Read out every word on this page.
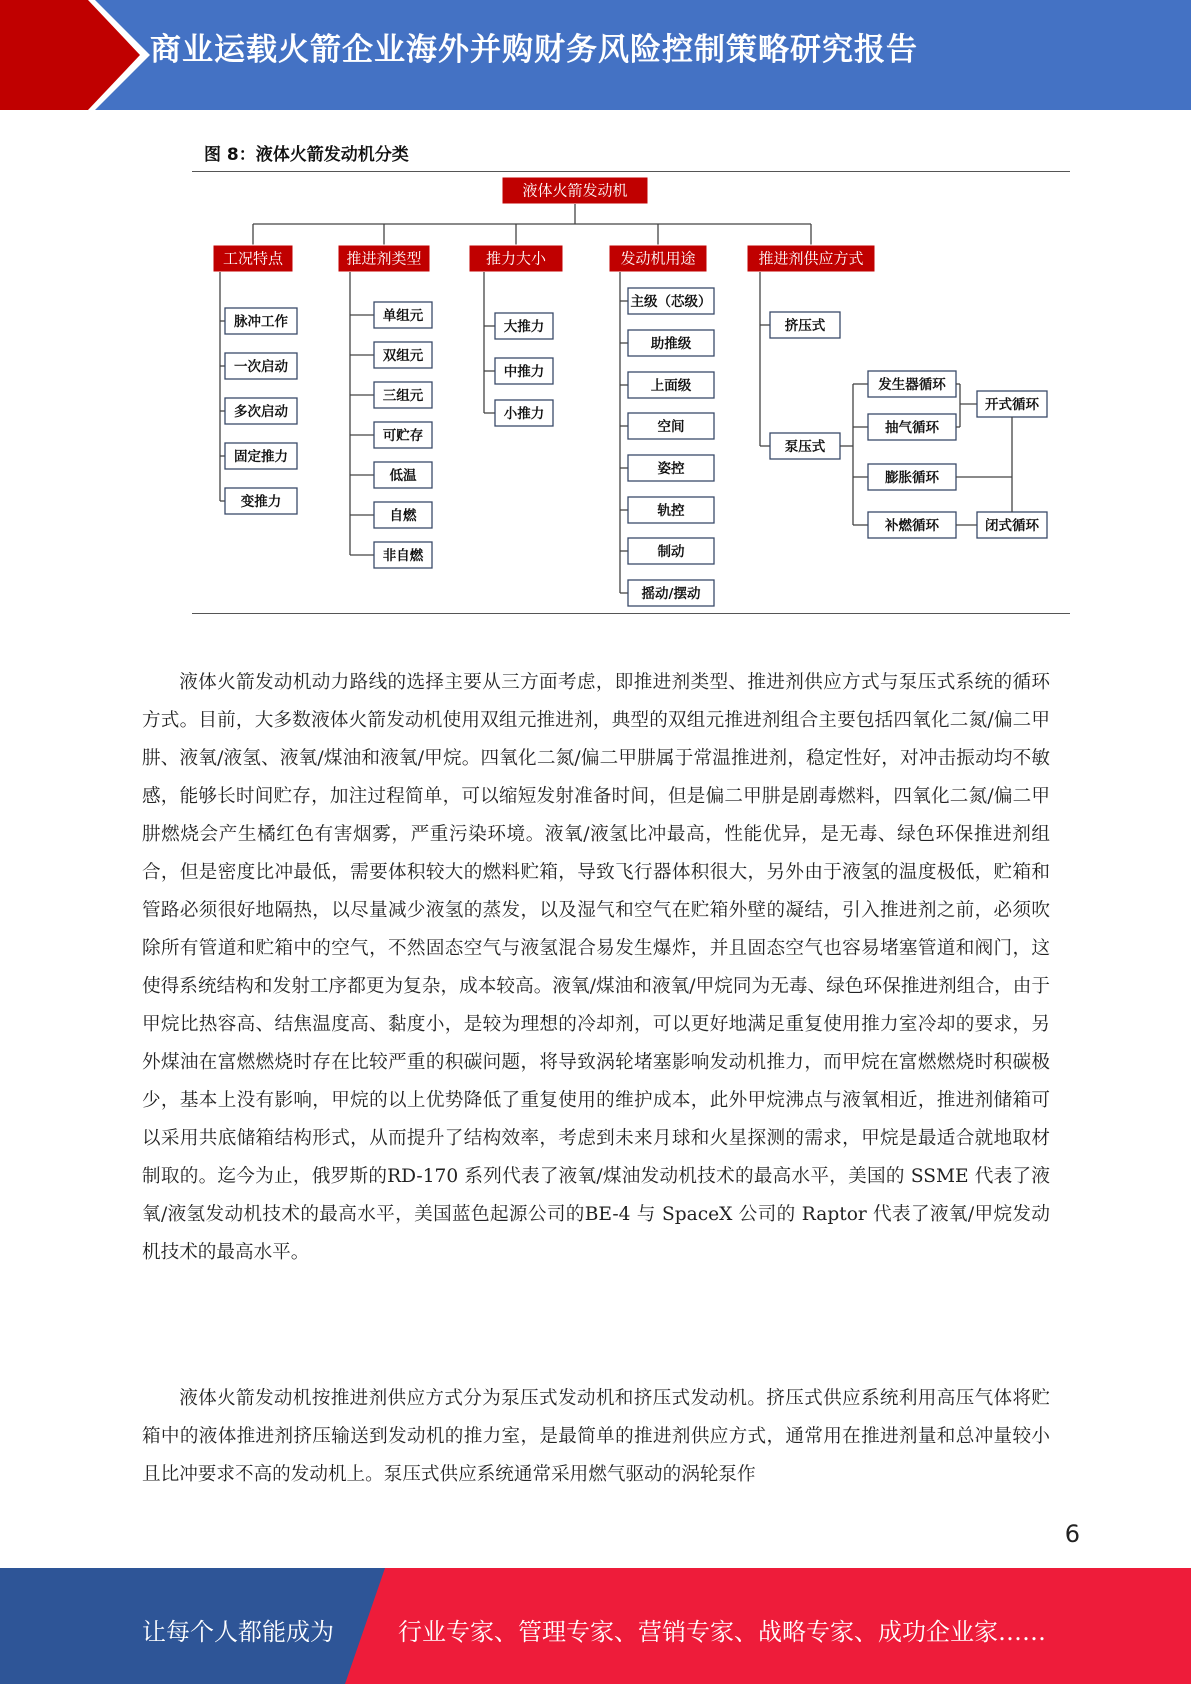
商业运载火箭企业海外并购财务风险控制策略研究报告
图 8：液体火箭发动机分类
液体火箭发动机
工况特点	推进剂类型	推力大小	发动机用途	推进剂供应方式
脉冲工作
一次启动
多次启动
固定推力
变推力
单组元
双组元
三组元
可贮存
低温
自燃
非自燃
大推力
中推力
小推力
主级（芯级）
助推级
上面级
空间
姿控
轨控
制动
摇动/摆动
挤压式
泵压式
发生器循环
抽气循环
膨胀循环
补燃循环
开式循环
闭式循环

液体火箭发动机动力路线的选择主要从三方面考虑，即推进剂类型、推进剂供应方式与泵压式系统的循环方式。目前，大多数液体火箭发动机使用双组元推进剂，典型的双组元推进剂组合主要包括四氧化二氮/偏二甲肼、液氧/液氢、液氧/煤油和液氧/甲烷。四氧化二氮/偏二甲肼属于常温推进剂，稳定性好，对冲击振动均不敏感，能够长时间贮存，加注过程简单，可以缩短发射准备时间，但是偏二甲肼是剧毒燃料，四氧化二氮/偏二甲肼燃烧会产生橘红色有害烟雾，严重污染环境。液氧/液氢比冲最高，性能优异，是无毒、绿色环保推进剂组合，但是密度比冲最低，需要体积较大的燃料贮箱，导致飞行器体积很大，另外由于液氢的温度极低，贮箱和管路必须很好地隔热，以尽量减少液氢的蒸发，以及湿气和空气在贮箱外壁的凝结，引入推进剂之前，必须吹除所有管道和贮箱中的空气，不然固态空气与液氢混合易发生爆炸，并且固态空气也容易堵塞管道和阀门，这使得系统结构和发射工序都更为复杂，成本较高。液氧/煤油和液氧/甲烷同为无毒、绿色环保推进剂组合，由于甲烷比热容高、结焦温度高、黏度小，是较为理想的冷却剂，可以更好地满足重复使用推力室冷却的要求，另外煤油在富燃燃烧时存在比较严重的积碳问题，将导致涡轮堵塞影响发动机推力，而甲烷在富燃燃烧时积碳极少，基本上没有影响，甲烷的以上优势降低了重复使用的维护成本，此外甲烷沸点与液氧相近，推进剂储箱可以采用共底储箱结构形式，从而提升了结构效率，考虑到未来月球和火星探测的需求，甲烷是最适合就地取材制取的。迄今为止，俄罗斯的RD-170 系列代表了液氧/煤油发动机技术的最高水平，美国的 SSME 代表了液氧/液氢发动机技术的最高水平，美国蓝色起源公司的BE-4 与 SpaceX 公司的 Raptor 代表了液氧/甲烷发动机技术的最高水平。

液体火箭发动机按推进剂供应方式分为泵压式发动机和挤压式发动机。挤压式供应系统利用高压气体将贮箱中的液体推进剂挤压输送到发动机的推力室，是最简单的推进剂供应方式，通常用在推进剂量和总冲量较小且比冲要求不高的发动机上。泵压式供应系统通常采用燃气驱动的涡轮泵作

6
让每个人都能成为	行业专家、管理专家、营销专家、战略专家、成功企业家……
